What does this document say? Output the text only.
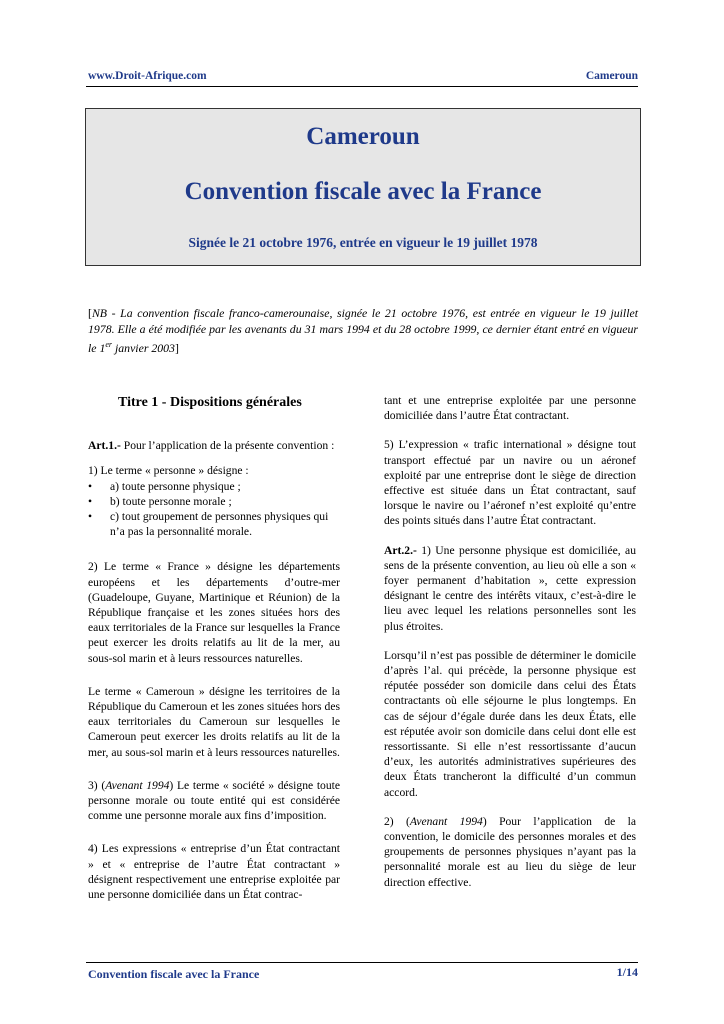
www.Droit-Afrique.com	Cameroun
Cameroun
Convention fiscale avec la France
Signée le 21 octobre 1976, entrée en vigueur le 19 juillet 1978
[NB - La convention fiscale franco-camerounaise, signée le 21 octobre 1976, est entrée en vigueur le 19 juillet 1978. Elle a été modifiée par les avenants du 31 mars 1994 et du 28 octobre 1999, ce dernier étant entré en vigueur le 1er janvier 2003]

Titre 1 - Dispositions générales

Art.1.- Pour l’application de la présente convention :

1) Le terme « personne » désigne :

• a) toute personne physique ;
• b) toute personne morale ;
• c) tout groupement de personnes physiques qui n’a pas la personnalité morale.

2) Le terme « France » désigne les départements européens et les départements d’outre-mer (Guadeloupe, Guyane, Martinique et Réunion) de la République française et les zones situées hors des eaux territoriales de la France sur lesquelles la France peut exercer les droits relatifs au lit de la mer, au sous-sol marin et à leurs ressources naturelles.

Le terme « Cameroun » désigne les territoires de la République du Cameroun et les zones situées hors des eaux territoriales du Cameroun sur lesquelles le Cameroun peut exercer les droits relatifs au lit de la mer, au sous-sol marin et à leurs ressources naturelles.

3) (Avenant 1994) Le terme « société » désigne toute personne morale ou toute entité qui est considérée comme une personne morale aux fins d’imposition.

4) Les expressions « entreprise d’un État contractant » et « entreprise de l’autre État contractant » désignent respectivement une entreprise exploitée par une personne domiciliée dans un État contrac-

tant et une entreprise exploitée par une personne domiciliée dans l’autre État contractant.

5) L’expression « trafic international » désigne tout transport effectué par un navire ou un aéronef exploité par une entreprise dont le siège de direction effective est située dans un État contractant, sauf lorsque le navire ou l’aéronef n’est exploité qu’entre des points situés dans l’autre État contractant.

Art.2.- 1) Une personne physique est domiciliée, au sens de la présente convention, au lieu où elle a son « foyer permanent d’habitation », cette expression désignant le centre des intérêts vitaux, c’est-à-dire le lieu avec lequel les relations personnelles sont les plus étroites.

Lorsqu’il n’est pas possible de déterminer le domicile d’après l’al. qui précède, la personne physique est réputée posséder son domicile dans celui des États contractants où elle séjourne le plus longtemps. En cas de séjour d’égale durée dans les deux États, elle est réputée avoir son domicile dans celui dont elle est ressortissante. Si elle n’est ressortissante d’aucun d’eux, les autorités administratives supérieures des deux États trancheront la difficulté d’un commun accord.

2) (Avenant 1994) Pour l’application de la convention, le domicile des personnes morales et des groupements de personnes physiques n’ayant pas la personnalité morale est au lieu du siège de leur direction effective.

Convention fiscale avec la France	1/14
